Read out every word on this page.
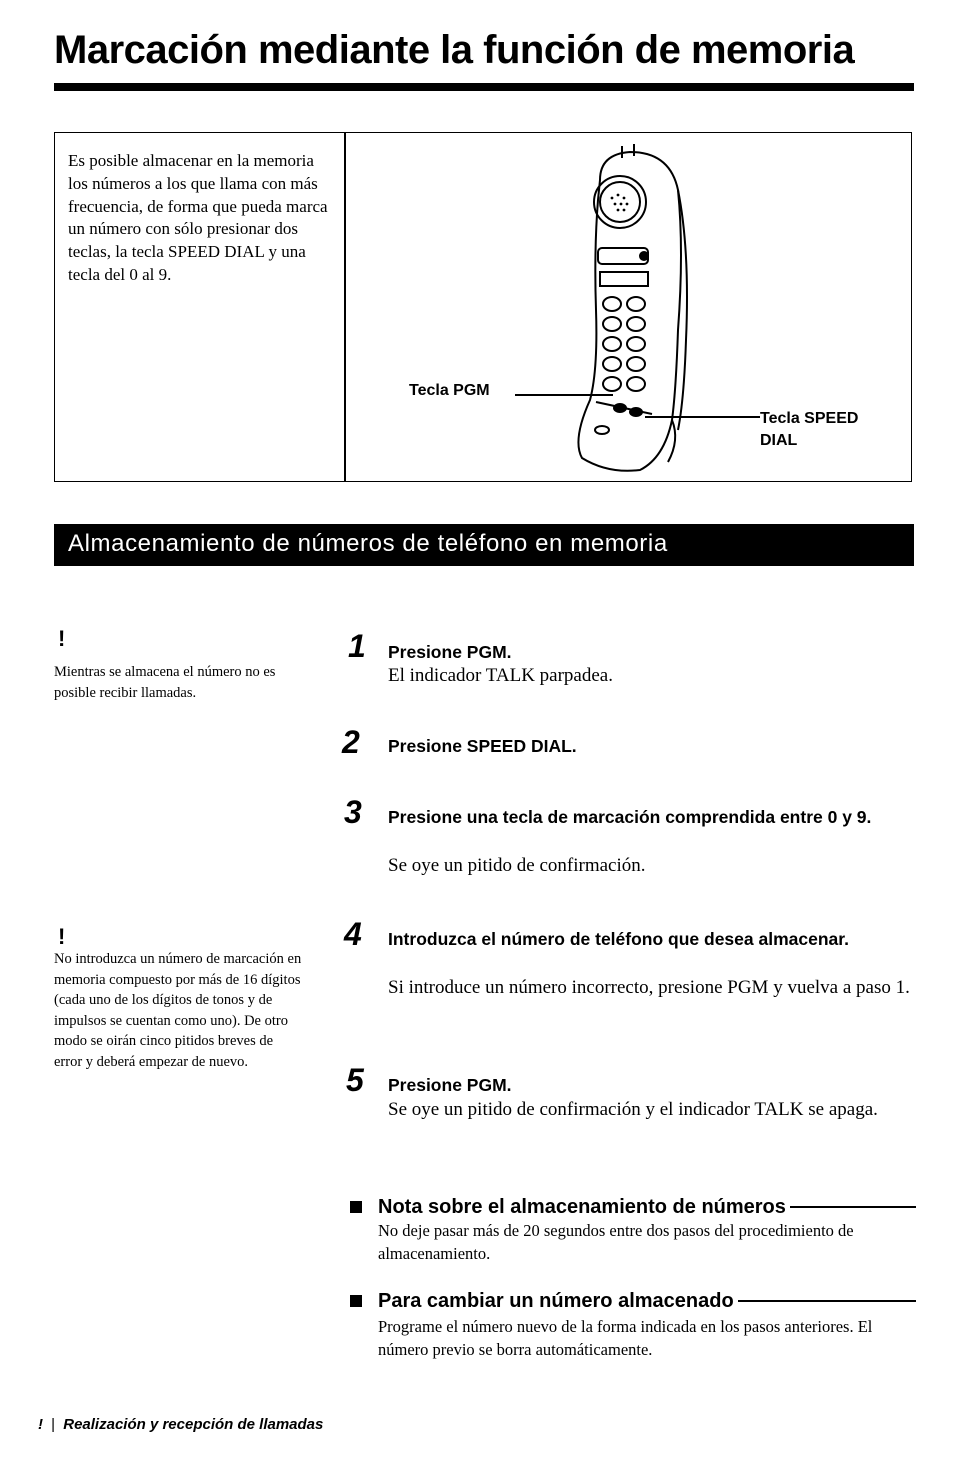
Marcación mediante la función de memoria
Es posible almacenar en la memoria los números a los que llama con más frecuencia, de forma que pueda marca un número con sólo presionar dos teclas, la tecla SPEED DIAL y una tecla del 0 al 9.
Tecla PGM
Tecla SPEED
DIAL
Almacenamiento de números de teléfono en memoria
!
Mientras se almacena el número no es posible recibir llamadas.
!
No introduzca un número de marcación en memoria compuesto por más de 16 dígitos (cada uno de los dígitos de tonos y de impulsos se cuentan como uno). De otro modo se oirán cinco pitidos breves de error y deberá empezar de nuevo.
1 Presione PGM.
El indicador TALK parpadea.
2 Presione SPEED DIAL.
3 Presione una tecla de marcación comprendida entre 0 y 9.
Se oye un pitido de confirmación.
4 Introduzca el número de teléfono que desea almacenar.
Si introduce un número incorrecto, presione PGM y vuelva a paso 1.
5 Presione PGM.
Se oye un pitido de confirmación y el indicador TALK se apaga.
Nota sobre el almacenamiento de números
No deje pasar más de 20 segundos entre dos pasos del procedimiento de almacenamiento.
Para cambiar un número almacenado
Programe el número nuevo de la forma indicada en los pasos anteriores. El número previo se borra automáticamente.
! | Realización y recepción de llamadas
